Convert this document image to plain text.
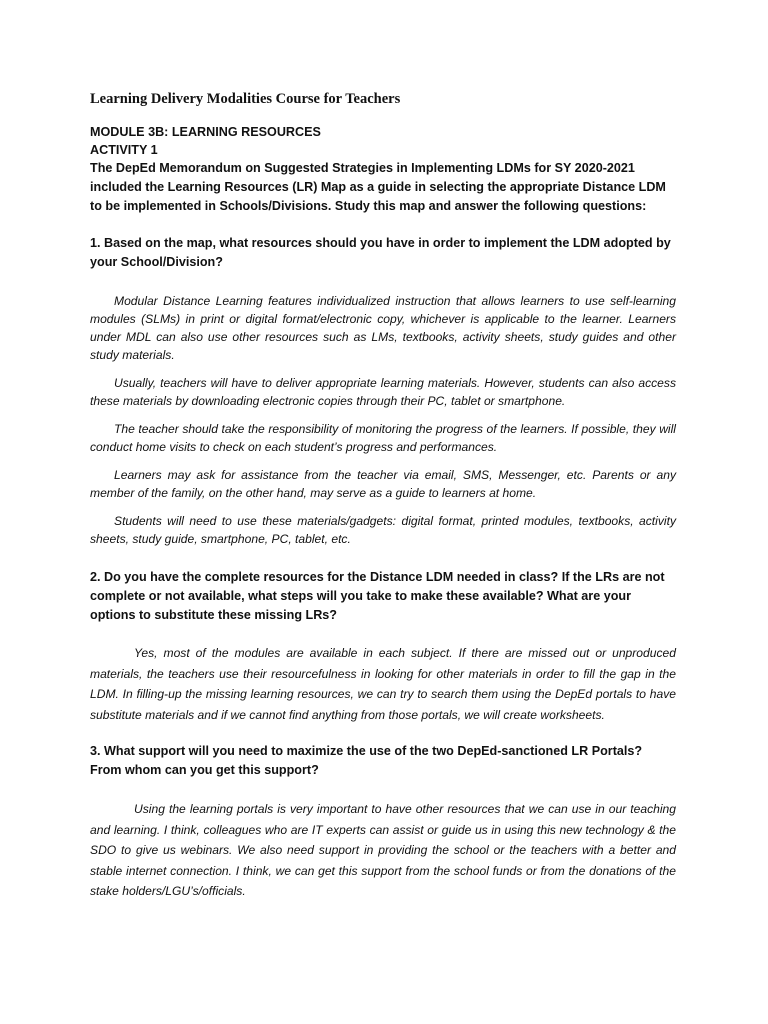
Learning Delivery Modalities Course for Teachers
MODULE 3B: LEARNING RESOURCES
ACTIVITY 1

The DepEd Memorandum on Suggested Strategies in Implementing LDMs for SY 2020-2021 included the Learning Resources (LR) Map as a guide in selecting the appropriate Distance LDM to be implemented in Schools/Divisions. Study this map and answer the following questions:

1. Based on the map, what resources should you have in order to implement the LDM adopted by your School/Division?

Modular Distance Learning features individualized instruction that allows learners to use self-learning modules (SLMs) in print or digital format/electronic copy, whichever is applicable to the learner. Learners under MDL can also use other resources such as LMs, textbooks, activity sheets, study guides and other study materials.

Usually, teachers will have to deliver appropriate learning materials. However, students can also access these materials by downloading electronic copies through their PC, tablet or smartphone.

The teacher should take the responsibility of monitoring the progress of the learners. If possible, they will conduct home visits to check on each student’s progress and performances.

Learners may ask for assistance from the teacher via email, SMS, Messenger, etc. Parents or any member of the family, on the other hand, may serve as a guide to learners at home.

Students will need to use these materials/gadgets: digital format, printed modules, textbooks, activity sheets, study guide, smartphone, PC, tablet, etc.

2. Do you have the complete resources for the Distance LDM needed in class? If the LRs are not complete or not available, what steps will you take to make these available? What are your options to substitute these missing LRs?

Yes, most of the modules are available in each subject. If there are missed out or unproduced materials, the teachers use their resourcefulness in looking for other materials in order to fill the gap in the LDM. In filling-up the missing learning resources, we can try to search them using the DepEd portals to have substitute materials and if we cannot find anything from those portals, we will create worksheets.

3. What support will you need to maximize the use of the two DepEd-sanctioned LR Portals? From whom can you get this support?

Using the learning portals is very important to have other resources that we can use in our teaching and learning. I think, colleagues who are IT experts can assist or guide us in using this new technology & the SDO to give us webinars. We also need support in providing the school or the teachers with a better and stable internet connection. I think, we can get this support from the school funds or from the donations of the stake holders/LGU’s/officials.
